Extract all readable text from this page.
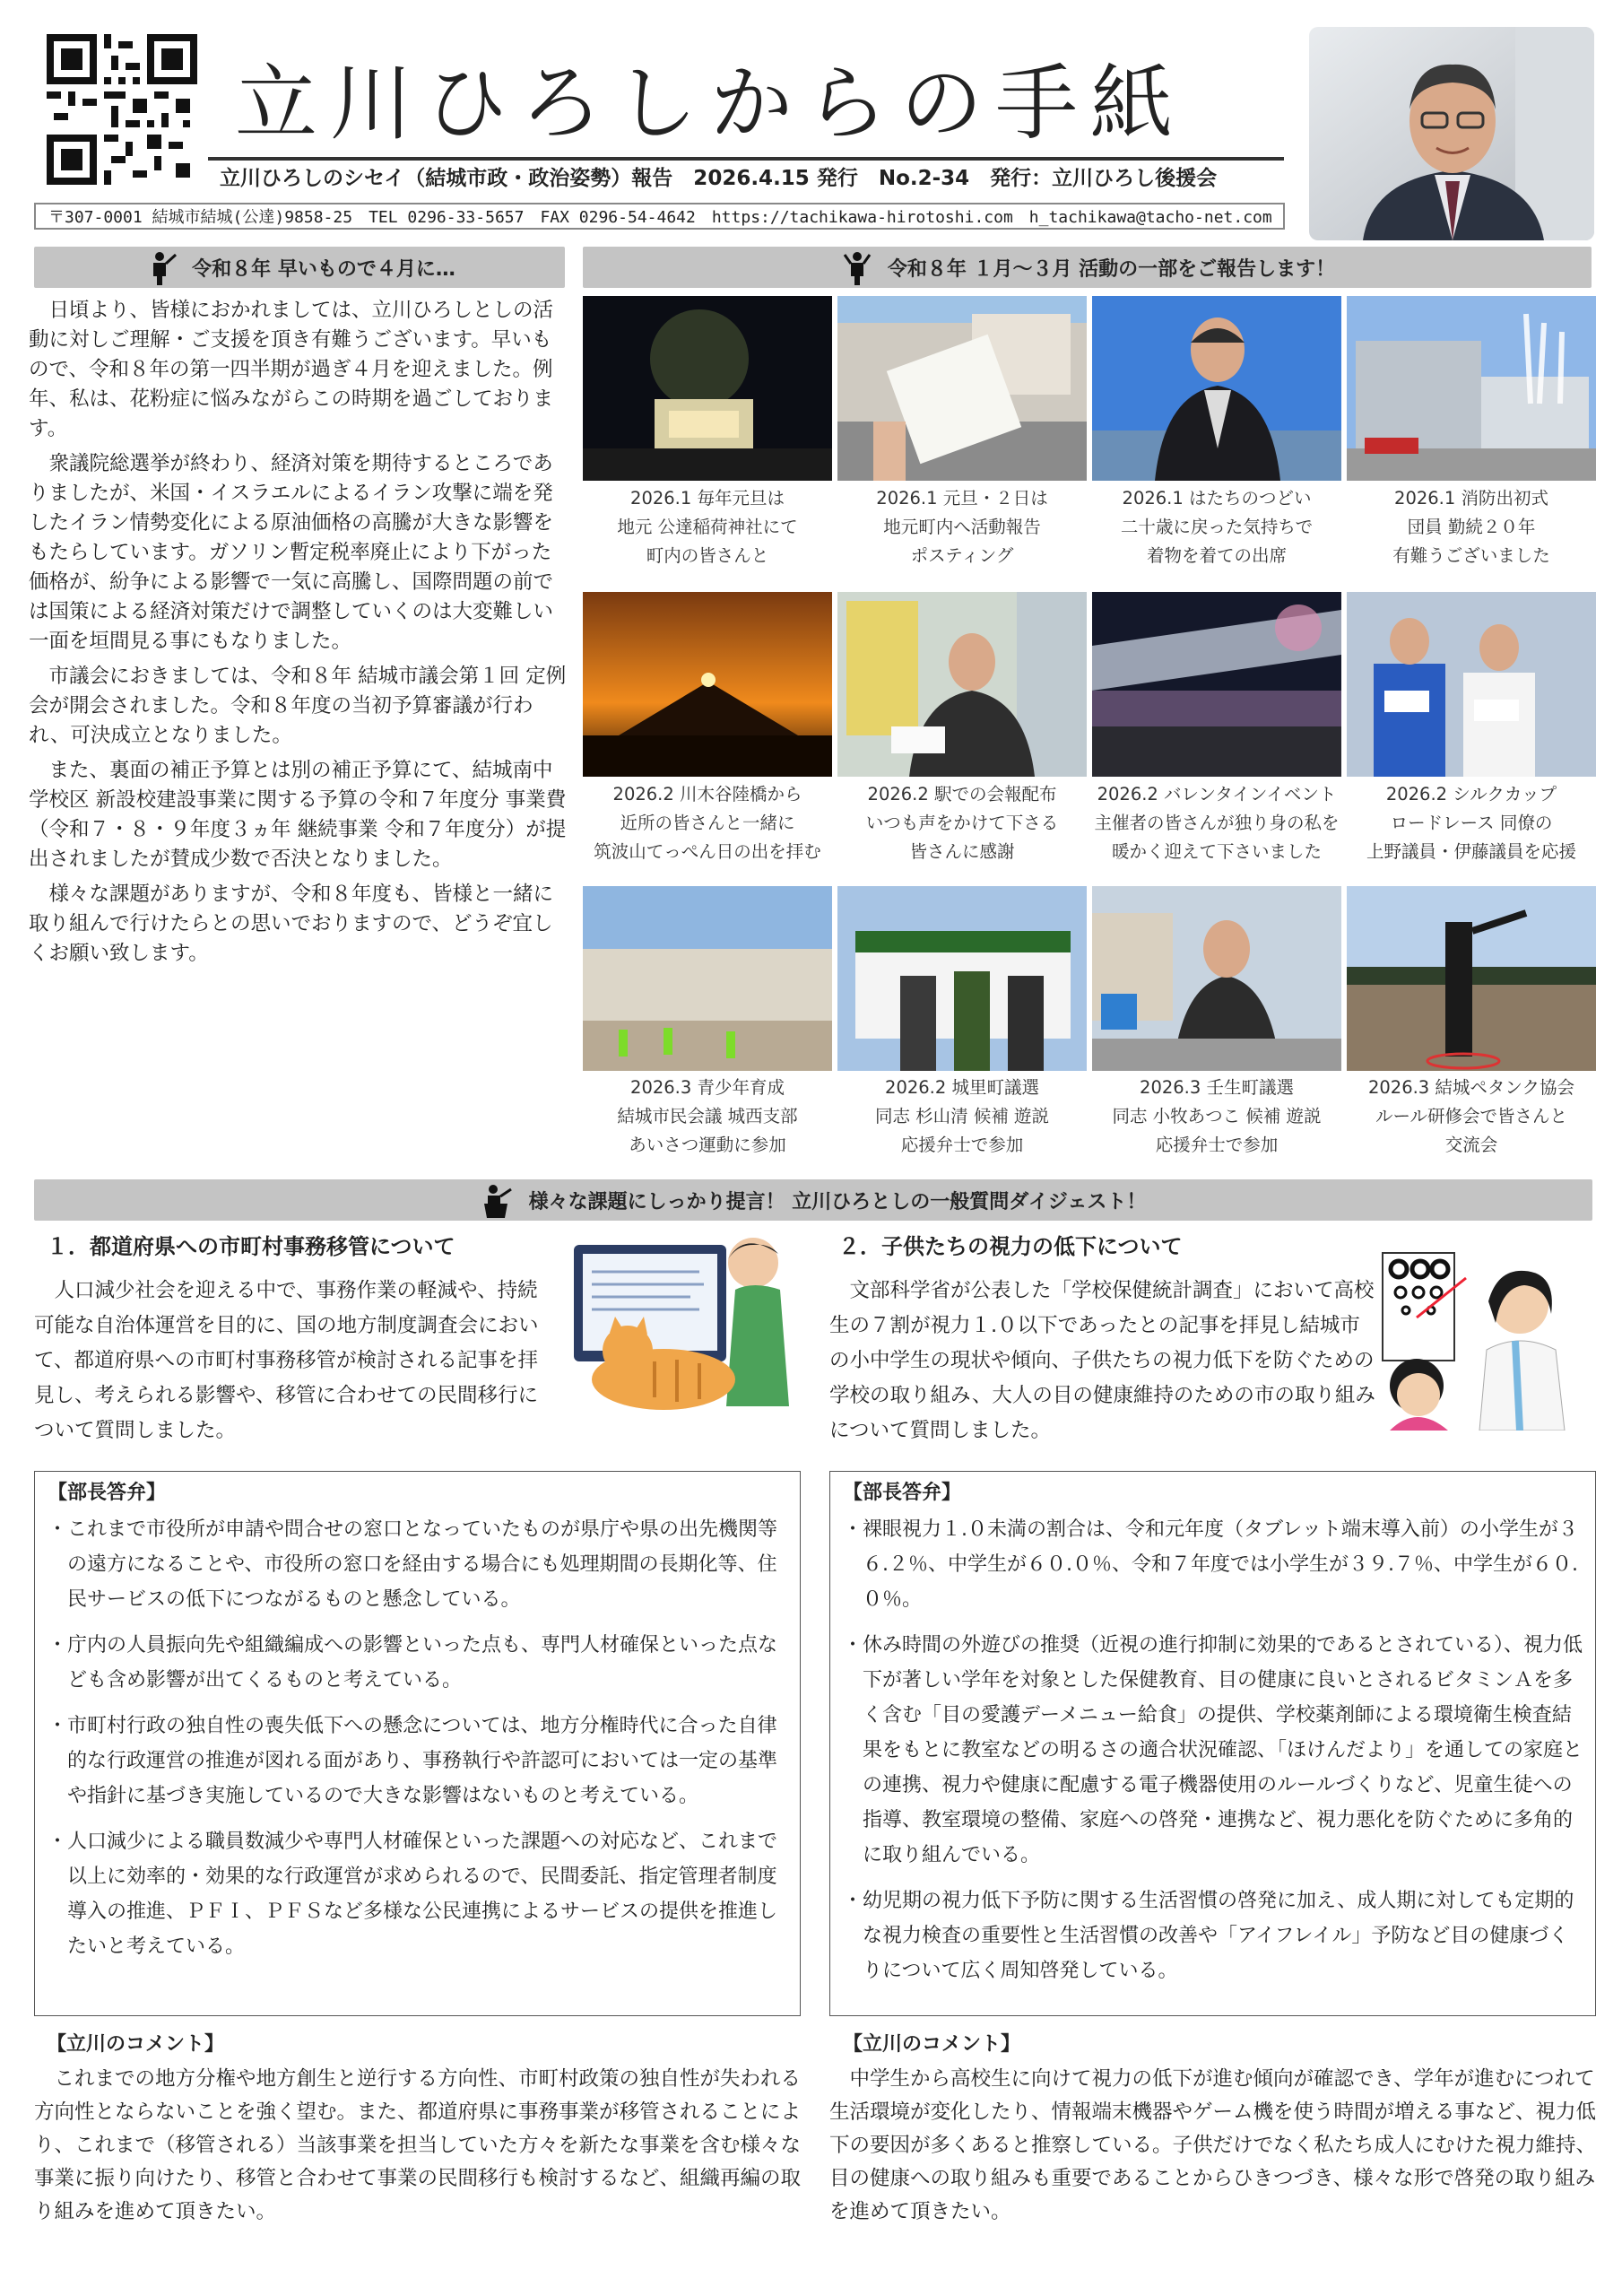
立川ひろしからの手紙
立川ひろしのシセイ（結城市政・政治姿勢）報告　2026.4.15 発行　No.2-34　発行：立川ひろし後援会
〒307-0001 結城市結城(公達)9858-25　TEL 0296-33-5657　FAX 0296-54-4642　https://tachikawa-hirotoshi.com　h_tachikawa@tacho-net.com
令和８年 早いもので４月に…

日頃より、皆様におかれましては、立川ひろしとしの活動に対しご理解・ご支援を頂き有難うございます。早いもので、令和８年の第一四半期が過ぎ４月を迎えました。例年、私は、花粉症に悩みながらこの時期を過ごしております。

衆議院総選挙が終わり、経済対策を期待するところでありましたが、米国・イスラエルによるイラン攻撃に端を発したイラン情勢変化による原油価格の高騰が大きな影響をもたらしています。ガソリン暫定税率廃止により下がった価格が、紛争による影響で一気に高騰し、国際問題の前では国策による経済対策だけで調整していくのは大変難しい一面を垣間見る事にもなりました。

市議会におきましては、令和８年 結城市議会第１回 定例会が開会されました。令和８年度の当初予算審議が行われ、可決成立となりました。

また、裏面の補正予算とは別の補正予算にて、結城南中学校区 新設校建設事業に関する予算の令和７年度分 事業費（令和７・８・９年度３ヵ年 継続事業 令和７年度分）が提出されましたが賛成少数で否決となりました。

様々な課題がありますが、令和８年度も、皆様と一緒に取り組んで行けたらとの思いでおりますので、どうぞ宜しくお願い致します。

令和８年 １月～３月 活動の一部をご報告します！
2026.1 毎年元旦は
地元 公達稲荷神社にて
町内の皆さんと
2026.1 元旦・２日は
地元町内へ活動報告
ポスティング
2026.1 はたちのつどい
二十歳に戻った気持ちで
着物を着ての出席
2026.1 消防出初式
団員 勤続２０年
有難うございました
2026.2 川木谷陸橋から
近所の皆さんと一緒に
筑波山てっぺん日の出を拝む
2026.2 駅での会報配布
いつも声をかけて下さる
皆さんに感謝
2026.2 バレンタインイベント
主催者の皆さんが独り身の私を
暖かく迎えて下さいました
2026.2 シルクカップ
ロードレース 同僚の
上野議員・伊藤議員を応援
2026.3 青少年育成
結城市民会議 城西支部
あいさつ運動に参加
2026.2 城里町議選
同志 杉山清 候補 遊説
応援弁士で参加
2026.3 壬生町議選
同志 小牧あつこ 候補 遊説
応援弁士で参加
2026.3 結城ペタンク協会
ルール研修会で皆さんと
交流会
様々な課題にしっかり提言！ 立川ひろとしの一般質問ダイジェスト！
１．都道府県への市町村事務移管について
人口減少社会を迎える中で、事務作業の軽減や、持続可能な自治体運営を目的に、国の地方制度調査会において、都道府県への市町村事務移管が検討される記事を拝見し、考えられる影響や、移管に合わせての民間移行について質問しました。
【部長答弁】
・これまで市役所が申請や問合せの窓口となっていたものが県庁や県の出先機関等の遠方になることや、市役所の窓口を経由する場合にも処理期間の長期化等、住民サービスの低下につながるものと懸念している。
・庁内の人員振向先や組織編成への影響といった点も、専門人材確保といった点なども含め影響が出てくるものと考えている。
・市町村行政の独自性の喪失低下への懸念については、地方分権時代に合った自律的な行政運営の推進が図れる面があり、事務執行や許認可においては一定の基準や指針に基づき実施しているので大きな影響はないものと考えている。
・人口減少による職員数減少や専門人材確保といった課題への対応など、これまで以上に効率的・効果的な行政運営が求められるので、民間委託、指定管理者制度導入の推進、ＰＦＩ、ＰＦＳなど多様な公民連携によるサービスの提供を推進したいと考えている。
【立川のコメント】
これまでの地方分権や地方創生と逆行する方向性、市町村政策の独自性が失われる方向性とならないことを強く望む。また、都道府県に事務事業が移管されることにより、これまで（移管される）当該事業を担当していた方々を新たな事業を含む様々な事業に振り向けたり、移管と合わせて事業の民間移行も検討するなど、組織再編の取り組みを進めて頂きたい。
２．子供たちの視力の低下について
文部科学省が公表した「学校保健統計調査」において高校生の７割が視力１.０以下であったとの記事を拝見し結城市の小中学生の現状や傾向、子供たちの視力低下を防ぐための学校の取り組み、大人の目の健康維持のための市の取り組みについて質問しました。
【部長答弁】
・裸眼視力１.０未満の割合は、令和元年度（タブレット端末導入前）の小学生が３６.２％、中学生が６０.０％、令和７年度では小学生が３９.７％、中学生が６０.０％。
・休み時間の外遊びの推奨（近視の進行抑制に効果的であるとされている）、視力低下が著しい学年を対象とした保健教育、目の健康に良いとされるビタミンＡを多く含む「目の愛護デーメニュー給食」の提供、学校薬剤師による環境衛生検査結果をもとに教室などの明るさの適合状況確認、「ほけんだより」を通しての家庭との連携、視力や健康に配慮する電子機器使用のルールづくりなど、児童生徒への指導、教室環境の整備、家庭への啓発・連携など、視力悪化を防ぐために多角的に取り組んでいる。
・幼児期の視力低下予防に関する生活習慣の啓発に加え、成人期に対しても定期的な視力検査の重要性と生活習慣の改善や「アイフレイル」予防など目の健康づくりについて広く周知啓発している。
【立川のコメント】
中学生から高校生に向けて視力の低下が進む傾向が確認でき、学年が進むにつれて生活環境が変化したり、情報端末機器やゲーム機を使う時間が増える事など、視力低下の要因が多くあると推察している。子供だけでなく私たち成人にむけた視力維持、目の健康への取り組みも重要であることからひきつづき、様々な形で啓発の取り組みを進めて頂きたい。
